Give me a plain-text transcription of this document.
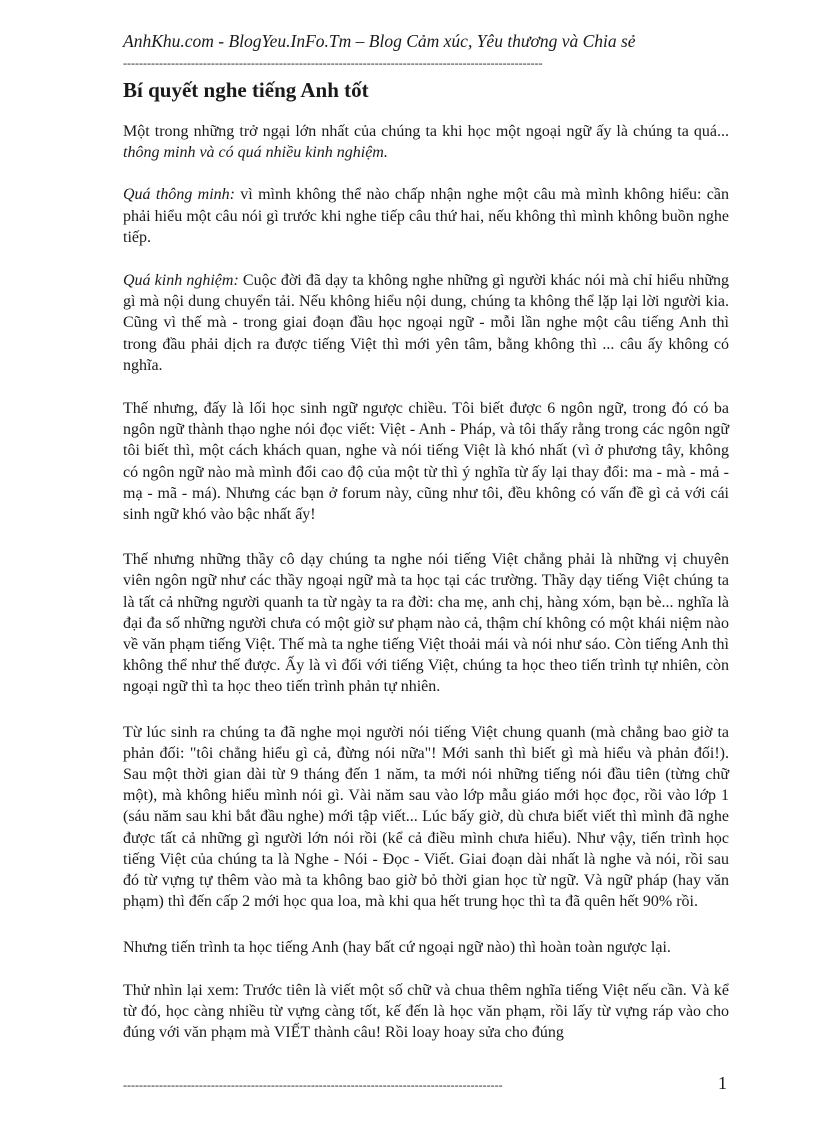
AnhKhu.com - BlogYeu.InFo.Tm – Blog Cảm xúc, Yêu thương và Chia sẻ
---------------------------------------------------------------------------------------------------------
Bí quyết nghe tiếng Anh tốt

Một trong những trở ngại lớn nhất của chúng ta khi học một ngoại ngữ ấy là chúng ta quá... thông minh và có quá nhiều kinh nghiệm.

Quá thông minh: vì mình không thể nào chấp nhận nghe một câu mà mình không hiểu: cần phải hiểu một câu nói gì trước khi nghe tiếp câu thứ hai, nếu không thì mình không buồn nghe tiếp.

Quá kinh nghiệm: Cuộc đời đã dạy ta không nghe những gì người khác nói mà chỉ hiểu những gì mà nội dung chuyển tải. Nếu không hiểu nội dung, chúng ta không thể lặp lại lời người kia. Cũng vì thế mà - trong giai đoạn đầu học ngoại ngữ - mỗi lần nghe một câu tiếng Anh thì trong đầu phải dịch ra được tiếng Việt thì mới yên tâm, bằng không thì ... câu ấy không có nghĩa.

Thế nhưng, đấy là lối học sinh ngữ ngược chiều. Tôi biết được 6 ngôn ngữ, trong đó có ba ngôn ngữ thành thạo nghe nói đọc viết: Việt - Anh - Pháp, và tôi thấy rằng trong các ngôn ngữ tôi biết thì, một cách khách quan, nghe và nói tiếng Việt là khó nhất (vì ở phương tây, không có ngôn ngữ nào mà mình đổi cao độ của một từ thì ý nghĩa từ ấy lại thay đổi: ma - mà - mả - mạ - mã - má). Nhưng các bạn ở forum này, cũng như tôi, đều không có vấn đề gì cả với cái sinh ngữ khó vào bậc nhất ấy!

Thế nhưng những thầy cô dạy chúng ta nghe nói tiếng Việt chẳng phải là những vị chuyên viên ngôn ngữ như các thầy ngoại ngữ mà ta học tại các trường. Thầy dạy tiếng Việt chúng ta là tất cả những người quanh ta từ ngày ta ra đời: cha mẹ, anh chị, hàng xóm, bạn bè... nghĩa là đại đa số những người chưa có một giờ sư phạm nào cả, thậm chí không có một khái niệm nào về văn phạm tiếng Việt. Thế mà ta nghe tiếng Việt thoải mái và nói như sáo. Còn tiếng Anh thì không thể như thế được. Ấy là vì đối với tiếng Việt, chúng ta học theo tiến trình tự nhiên, còn ngoại ngữ thì ta học theo tiến trình phản tự nhiên.

Từ lúc sinh ra chúng ta đã nghe mọi người nói tiếng Việt chung quanh (mà chẳng bao giờ ta phản đối: "tôi chẳng hiểu gì cả, đừng nói nữa"! Mới sanh thì biết gì mà hiểu và phản đối!). Sau một thời gian dài từ 9 tháng đến 1 năm, ta mới nói những tiếng nói đầu tiên (từng chữ một), mà không hiểu mình nói gì. Vài năm sau vào lớp mẫu giáo mới học đọc, rồi vào lớp 1 (sáu năm sau khi bắt đầu nghe) mới tập viết... Lúc bấy giờ, dù chưa biết viết thì mình đã nghe được tất cả những gì người lớn nói rồi (kể cả điều mình chưa hiểu). Như vậy, tiến trình học tiếng Việt của chúng ta là Nghe - Nói - Đọc - Viết. Giai đoạn dài nhất là nghe và nói, rồi sau đó từ vựng tự thêm vào mà ta không bao giờ bỏ thời gian học từ ngữ. Và ngữ pháp (hay văn phạm) thì đến cấp 2 mới học qua loa, mà khi qua hết trung học thì ta đã quên hết 90% rồi.

Nhưng tiến trình ta học tiếng Anh (hay bất cứ ngoại ngữ nào) thì hoàn toàn ngược lại.

Thử nhìn lại xem: Trước tiên là viết một số chữ và chua thêm nghĩa tiếng Việt nếu cần. Và kể từ đó, học càng nhiều từ vựng càng tốt, kế đến là học văn phạm, rồi lấy từ vựng ráp vào cho đúng với văn phạm mà VIẾT thành câu! Rồi loay hoay sửa cho đúng

-----------------------------------------------------------------------------------------------	1
